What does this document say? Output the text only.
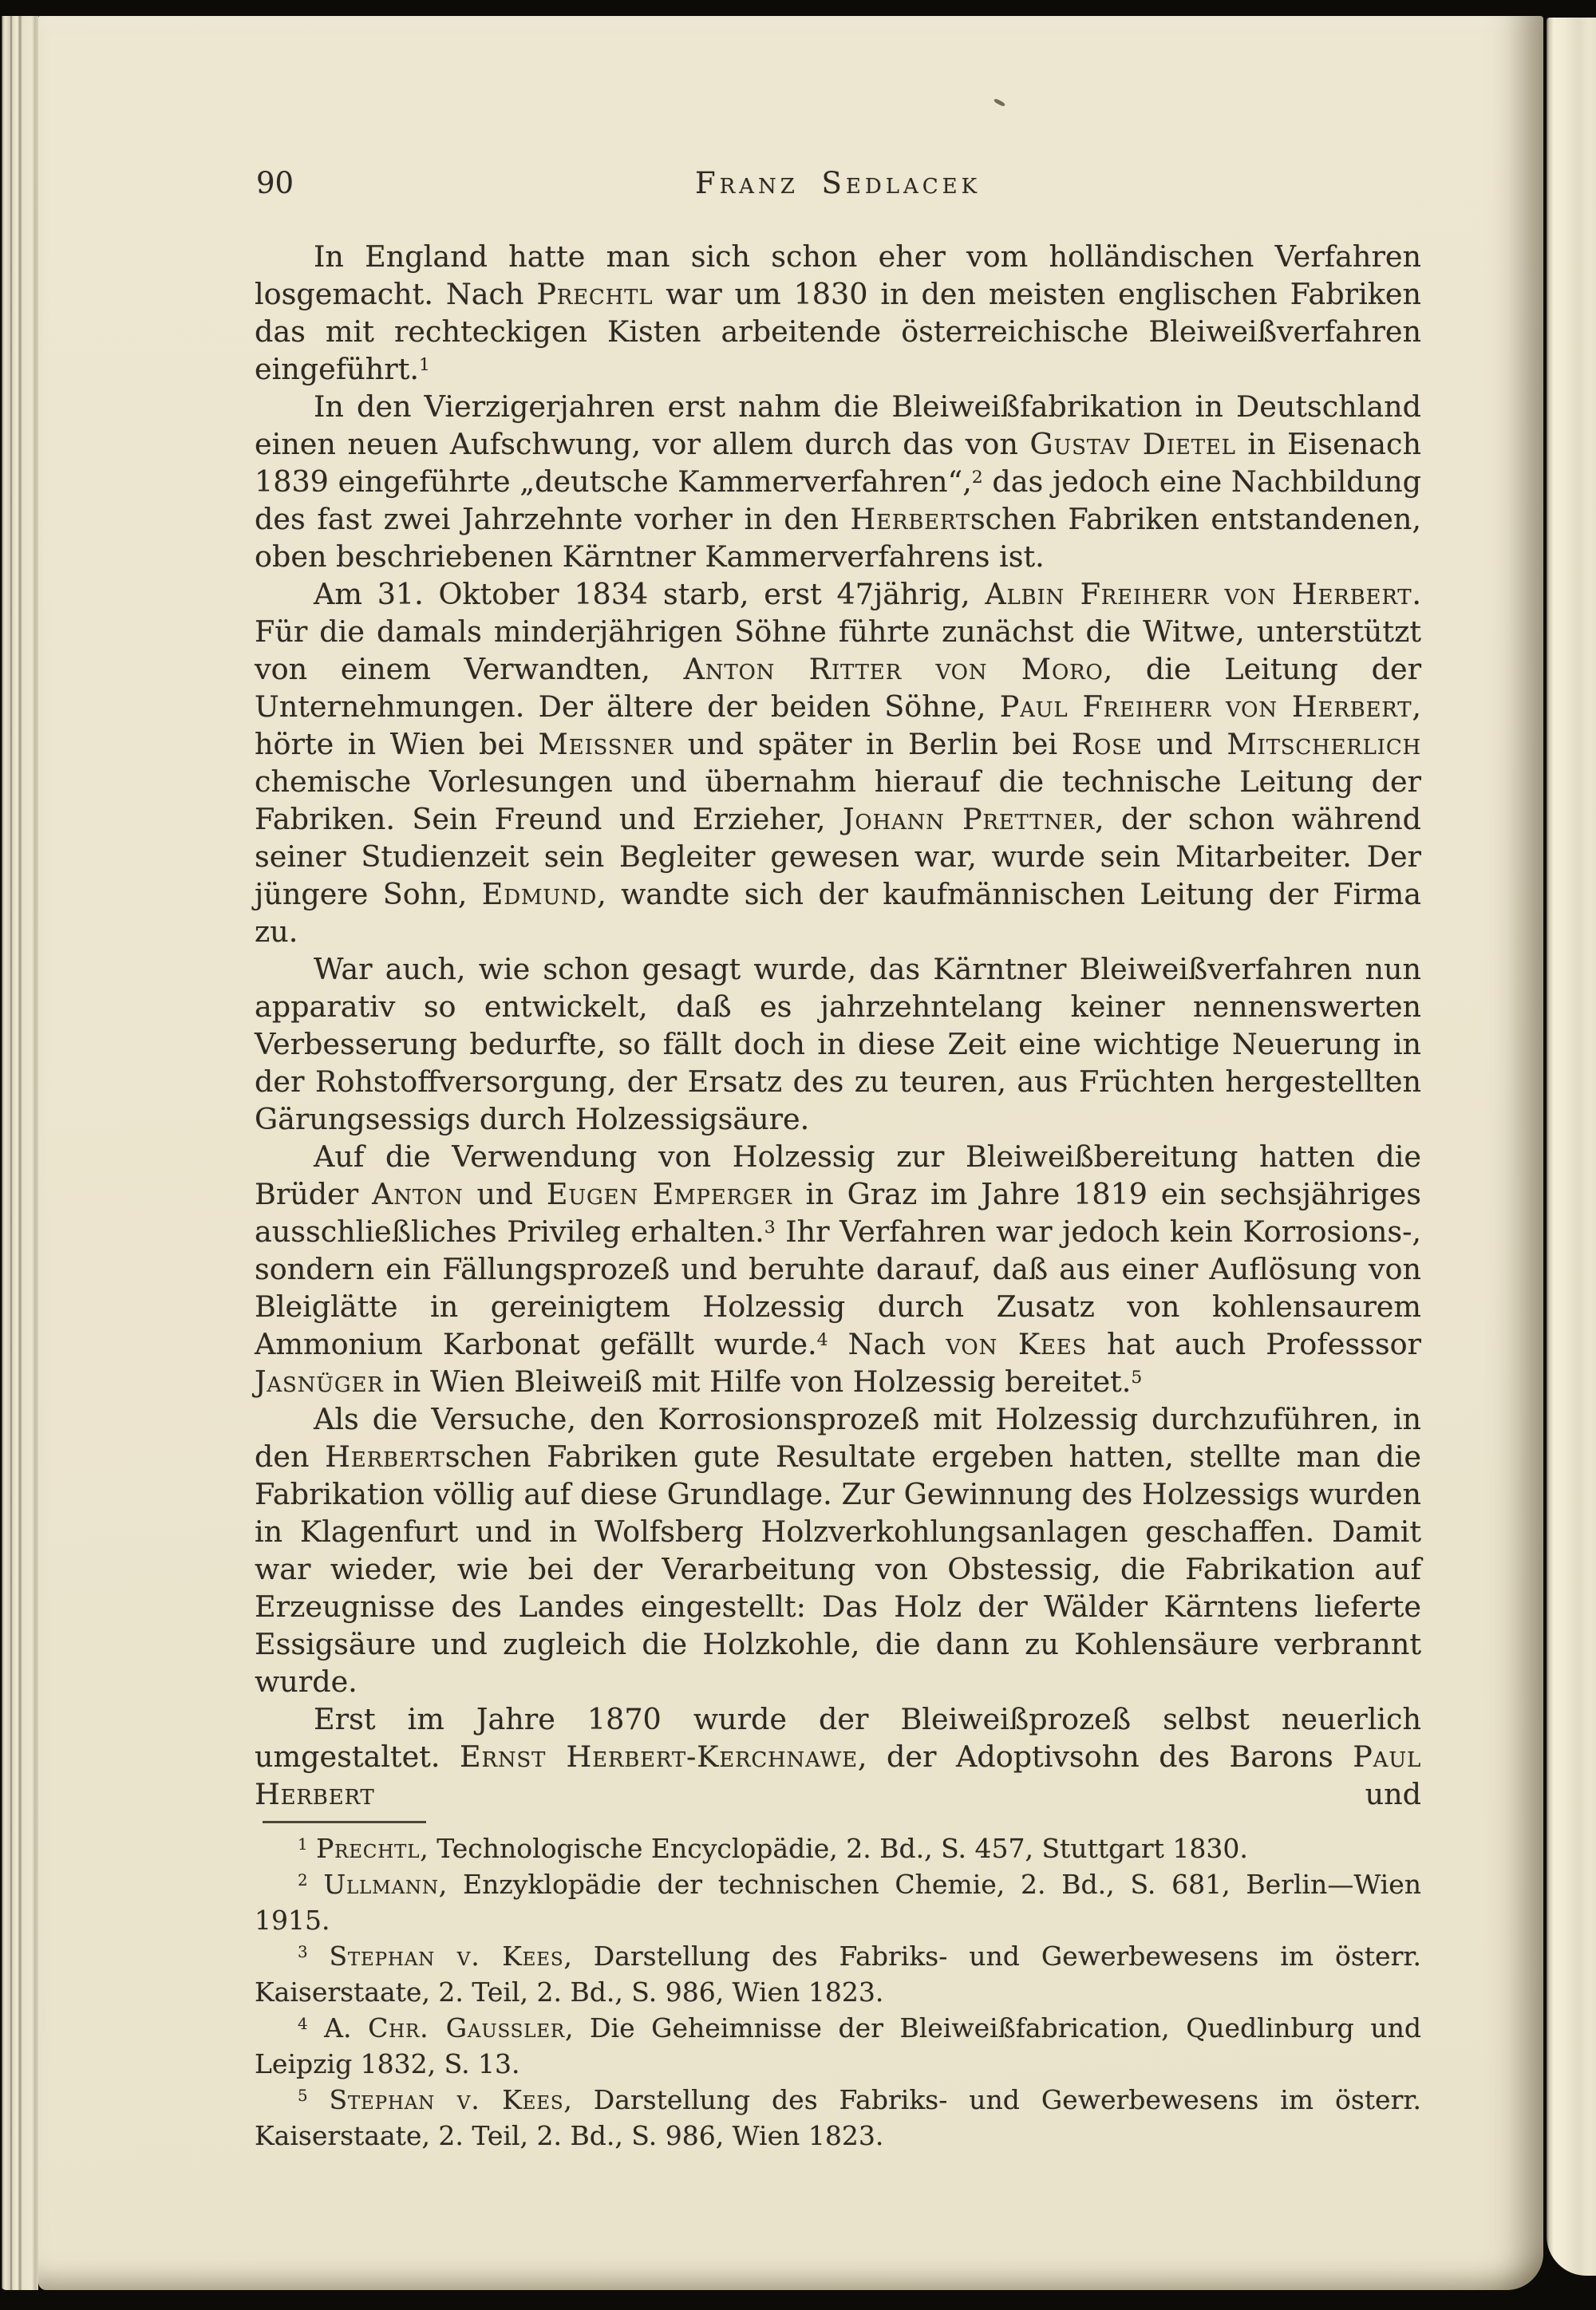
90	Franz Sedlacek

In England hatte man sich schon eher vom holländischen Verfahren losgemacht. Nach Prechtl war um 1830 in den meisten englischen Fabriken das mit rechteckigen Kisten arbeitende österreichische Bleiweißverfahren eingeführt.$^1$

In den Vierzigerjahren erst nahm die Bleiweißfabrikation in Deutschland einen neuen Aufschwung, vor allem durch das von Gustav Dietel in Eisenach 1839 eingeführte „deutsche Kammerverfahren“,$^2$ das jedoch eine Nachbildung des fast zwei Jahrzehnte vorher in den Herbertschen Fabriken entstandenen, oben beschriebenen Kärntner Kammerverfahrens ist.

Am 31. Oktober 1834 starb, erst 47jährig, Albin Freiherr von Herbert. Für die damals minderjährigen Söhne führte zunächst die Witwe, unterstützt von einem Verwandten, Anton Ritter von Moro, die Leitung der Unternehmungen. Der ältere der beiden Söhne, Paul Freiherr von Herbert, hörte in Wien bei Meissner und später in Berlin bei Rose und Mitscherlich chemische Vorlesungen und übernahm hierauf die technische Leitung der Fabriken. Sein Freund und Erzieher, Johann Prettner, der schon während seiner Studienzeit sein Begleiter gewesen war, wurde sein Mitarbeiter. Der jüngere Sohn, Edmund, wandte sich der kaufmännischen Leitung der Firma zu.

War auch, wie schon gesagt wurde, das Kärntner Bleiweißverfahren nun apparativ so entwickelt, daß es jahrzehntelang keiner nennenswerten Verbesserung bedurfte, so fällt doch in diese Zeit eine wichtige Neuerung in der Rohstoffversorgung, der Ersatz des zu teuren, aus Früchten hergestellten Gärungsessigs durch Holzessigsäure.

Auf die Verwendung von Holzessig zur Bleiweißbereitung hatten die Brüder Anton und Eugen Emperger in Graz im Jahre 1819 ein sechsjähriges ausschließliches Privileg erhalten.$^3$ Ihr Verfahren war jedoch kein Korrosions-, sondern ein Fällungsprozeß und beruhte darauf, daß aus einer Auflösung von Bleiglätte in gereinigtem Holzessig durch Zusatz von kohlensaurem Ammonium Karbonat gefällt wurde.$^4$ Nach von Kees hat auch Professsor Jasnüger in Wien Bleiweiß mit Hilfe von Holzessig bereitet.$^5$

Als die Versuche, den Korrosionsprozeß mit Holzessig durchzuführen, in den Herbertschen Fabriken gute Resultate ergeben hatten, stellte man die Fabrikation völlig auf diese Grundlage. Zur Gewinnung des Holzessigs wurden in Klagenfurt und in Wolfsberg Holzverkohlungsanlagen geschaffen. Damit war wieder, wie bei der Verarbeitung von Obstessig, die Fabrikation auf Erzeugnisse des Landes eingestellt: Das Holz der Wälder Kärntens lieferte Essigsäure und zugleich die Holzkohle, die dann zu Kohlensäure verbrannt wurde.

Erst im Jahre 1870 wurde der Bleiweißprozeß selbst neuerlich umgestaltet. Ernst Herbert-Kerchnawe, der Adoptivsohn des Barons Paul Herbert und

$^1$ Prechtl, Technologische Encyclopädie, 2. Bd., S. 457, Stuttgart 1830.

$^2$ Ullmann, Enzyklopädie der technischen Chemie, 2. Bd., S. 681, Berlin—Wien 1915.

$^3$ Stephan v. Kees, Darstellung des Fabriks- und Gewerbewesens im österr. Kaiserstaate, 2. Teil, 2. Bd., S. 986, Wien 1823.

$^4$ A. Chr. Gaussler, Die Geheimnisse der Bleiweißfabrication, Quedlinburg und Leipzig 1832, S. 13.

$^5$ Stephan v. Kees, Darstellung des Fabriks- und Gewerbewesens im österr. Kaiserstaate, 2. Teil, 2. Bd., S. 986, Wien 1823.
